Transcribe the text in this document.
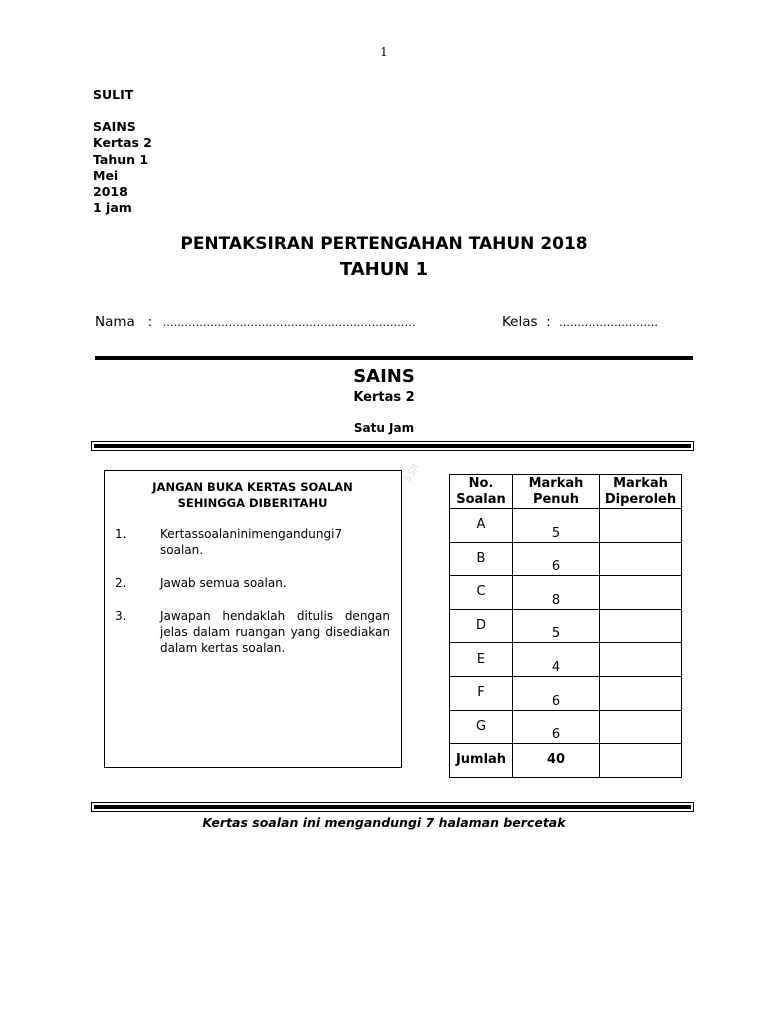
1
SULIT
SAINS
Kertas 2
Tahun 1
Mei
2018
1 jam
PENTAKSIRAN PERTENGAHAN TAHUN 2018
TAHUN 1
Nama   : ……………………………………………………………	Kelas  : ………………………
SAINS
Kertas 2
Satu Jam
SSR
JANGAN BUKA KERTAS SOALAN SEHINGGA DIBERITAHU
1.	Kertassoalaninimengandungi7 soalan.
2.	Jawab semua soalan.
3.	Jawapan hendaklah ditulis dengan jelas dalam ruangan yang disediakan dalam kertas soalan.
No. Soalan	Markah Penuh	Markah Diperoleh
A	5	
B	6	
C	8	
D	5	
E	4	
F	6	
G	6	
Jumlah	40	
Kertas soalan ini mengandungi 7 halaman bercetak
